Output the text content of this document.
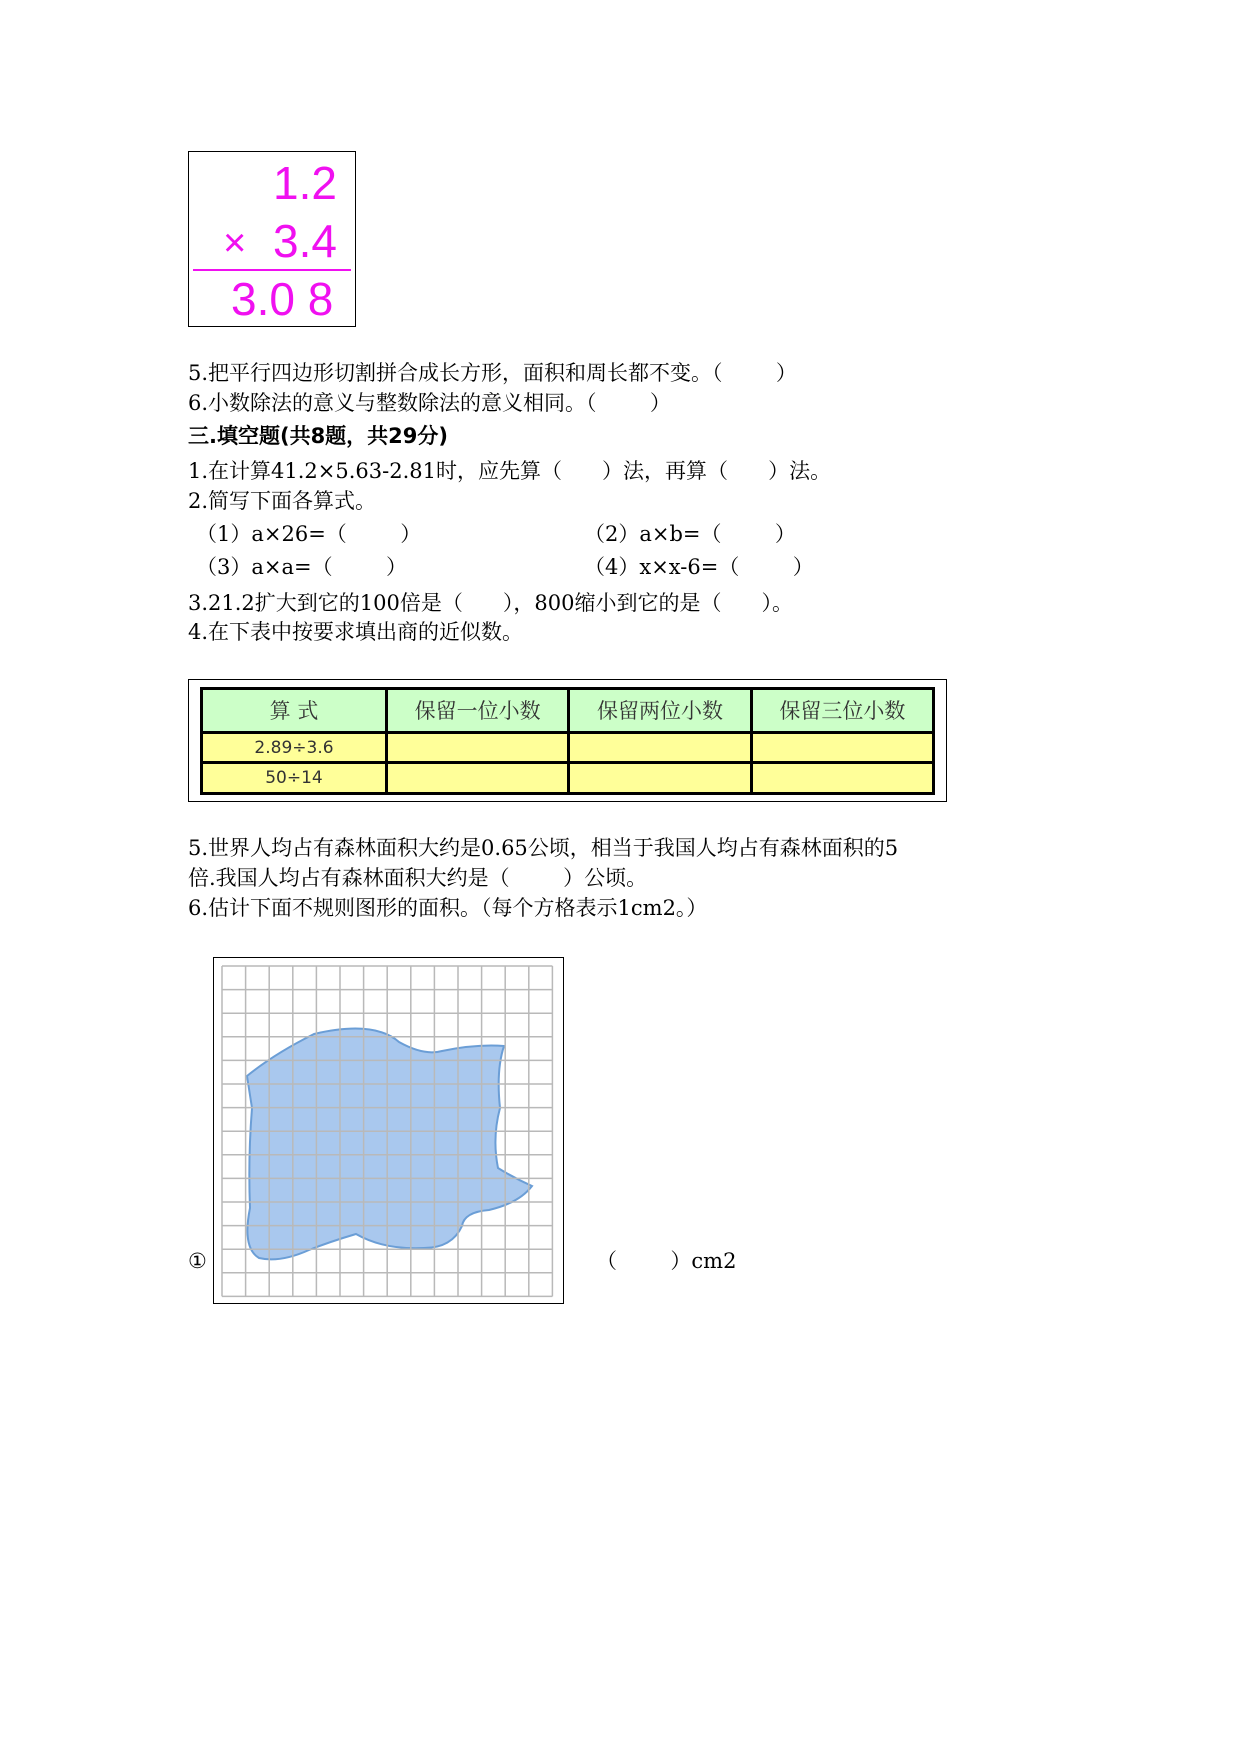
1.2
× 3.4
3.0 8
5.把平行四边形切割拼合成长方形，面积和周长都不变。（        ）
6.小数除法的意义与整数除法的意义相同。（        ）
三.填空题(共8题，共29分)
1.在计算41.2×5.63-2.81时，应先算（      ）法，再算（      ）法。
2.简写下面各算式。
（1）a×26=（        ）	（2）a×b=（        ）
（3）a×a=（        ）	（4）x×x-6=（        ）
3.21.2扩大到它的100倍是（      ），800缩小到它的是（      ）。
4.在下表中按要求填出商的近似数。
算 式	保留一位小数	保留两位小数	保留三位小数
2.89÷3.6			
50÷14			
5.世界人均占有森林面积大约是0.65公顷，相当于我国人均占有森林面积的5
倍.我国人均占有森林面积大约是（        ）公顷。
6.估计下面不规则图形的面积。（每个方格表示1cm2。）
①	（        ）cm2
